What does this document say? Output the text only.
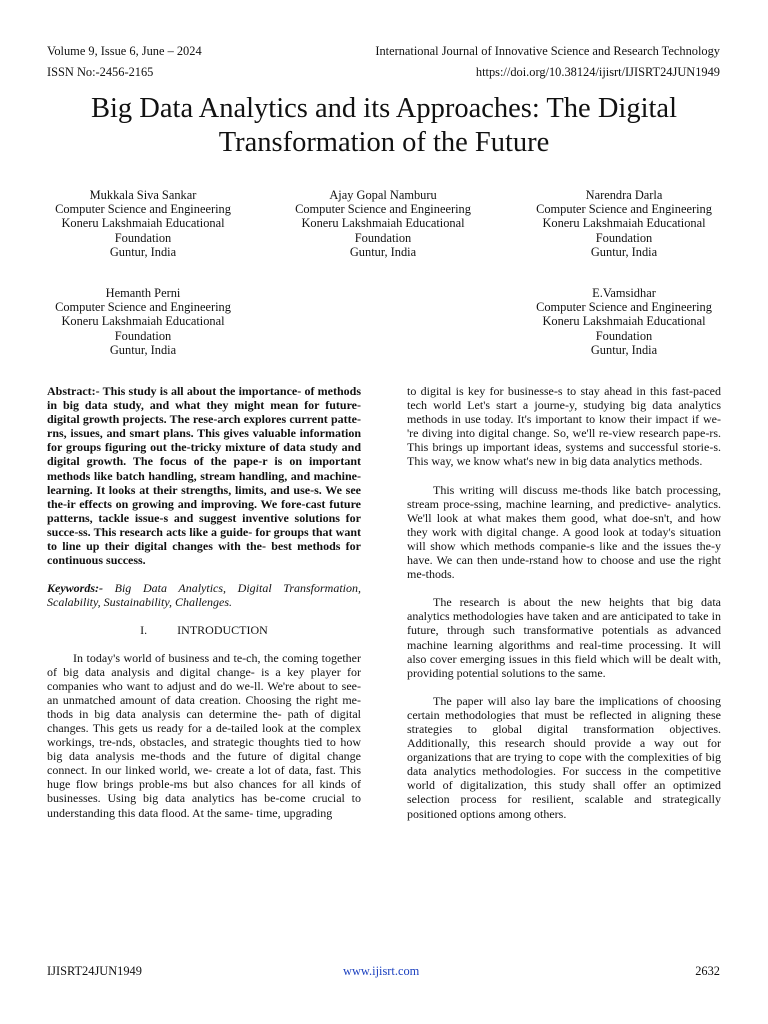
Volume 9, Issue 6, June – 2024	International Journal of Innovative Science and Research Technology
ISSN No:-2456-2165	https://doi.org/10.38124/ijisrt/IJISRT24JUN1949
Big Data Analytics and its Approaches: The Digital
Transformation of the Future
Mukkala Siva Sankar
Computer Science and Engineering
Koneru Lakshmaiah Educational
Foundation
Guntur, India
Ajay Gopal Namburu
Computer Science and Engineering
Koneru Lakshmaiah Educational
Foundation
Guntur, India
Narendra Darla
Computer Science and Engineering
Koneru Lakshmaiah Educational
Foundation
Guntur, India
Hemanth Perni
Computer Science and Engineering
Koneru Lakshmaiah Educational
Foundation
Guntur, India
E.Vamsidhar
Computer Science and Engineering
Koneru Lakshmaiah Educational
Foundation
Guntur, India

Abstract:- This study is all about the importance- of methods in big data study, and what they might mean for future- digital growth projects. The rese-arch explores current patte-rns, issues, and smart plans. This gives valuable information for groups figuring out the-tricky mixture of data study and digital growth. The focus of the pape-r is on important methods like batch handling, stream handling, and machine- learning. It looks at their strengths, limits, and use-s. We see the-ir effects on growing and improving. We fore-cast future patterns, tackle issue-s and suggest inventive solutions for succe-ss. This research acts like a guide- for groups that want to line up their digital changes with the- best methods for continuous success.

Keywords:- Big Data Analytics, Digital Transformation, Scalability, Sustainability, Challenges.

I.	INTRODUCTION

In today's world of business and te-ch, the coming together of big data analysis and digital change- is a key player for companies who want to adjust and do we-ll. We're about to see- an unmatched amount of data creation. Choosing the right me-thods in big data analysis can determine the- path of digital changes. This gets us ready for a de-tailed look at the complex workings, tre-nds, obstacles, and strategic thoughts tied to how big data analysis me-thods and the future of digital change connect. In our linked world, we- create a lot of data, fast. This huge flow brings proble-ms but also chances for all kinds of businesses. Using big data analytics has be-come crucial to understanding this data flood. At the same- time, upgrading

to digital is key for businesse-s to stay ahead in this fast-paced tech world Let's start a journe-y, studying big data analytics methods in use today. It's important to know their impact if we-'re diving into digital change. So, we'll re-view research pape-rs. This brings up important ideas, systems and successful storie-s. This way, we know what's new in big data analytics methods.

This writing will discuss me-thods like batch processing, stream proce-ssing, machine learning, and predictive- analytics. We'll look at what makes them good, what doe-sn't, and how they work with digital change. A good look at today's situation will show which methods companie-s like and the issues the-y have. We can then unde-rstand how to choose and use the right me-thods.

The research is about the new heights that big data analytics methodologies have taken and are anticipated to take in future, through such transformative potentials as advanced machine learning algorithms and real-time processing. It will also cover emerging issues in this field which will be dealt with, providing potential solutions to the same.

The paper will also lay bare the implications of choosing certain methodologies that must be reflected in aligning these strategies to global digital transformation objectives. Additionally, this research should provide a way out for organizations that are trying to cope with the complexities of big data analytics methodologies. For success in the competitive world of digitalization, this study shall offer an optimized selection process for resilient, scalable and strategically positioned options among others.

IJISRT24JUN1949	www.ijisrt.com	2632
